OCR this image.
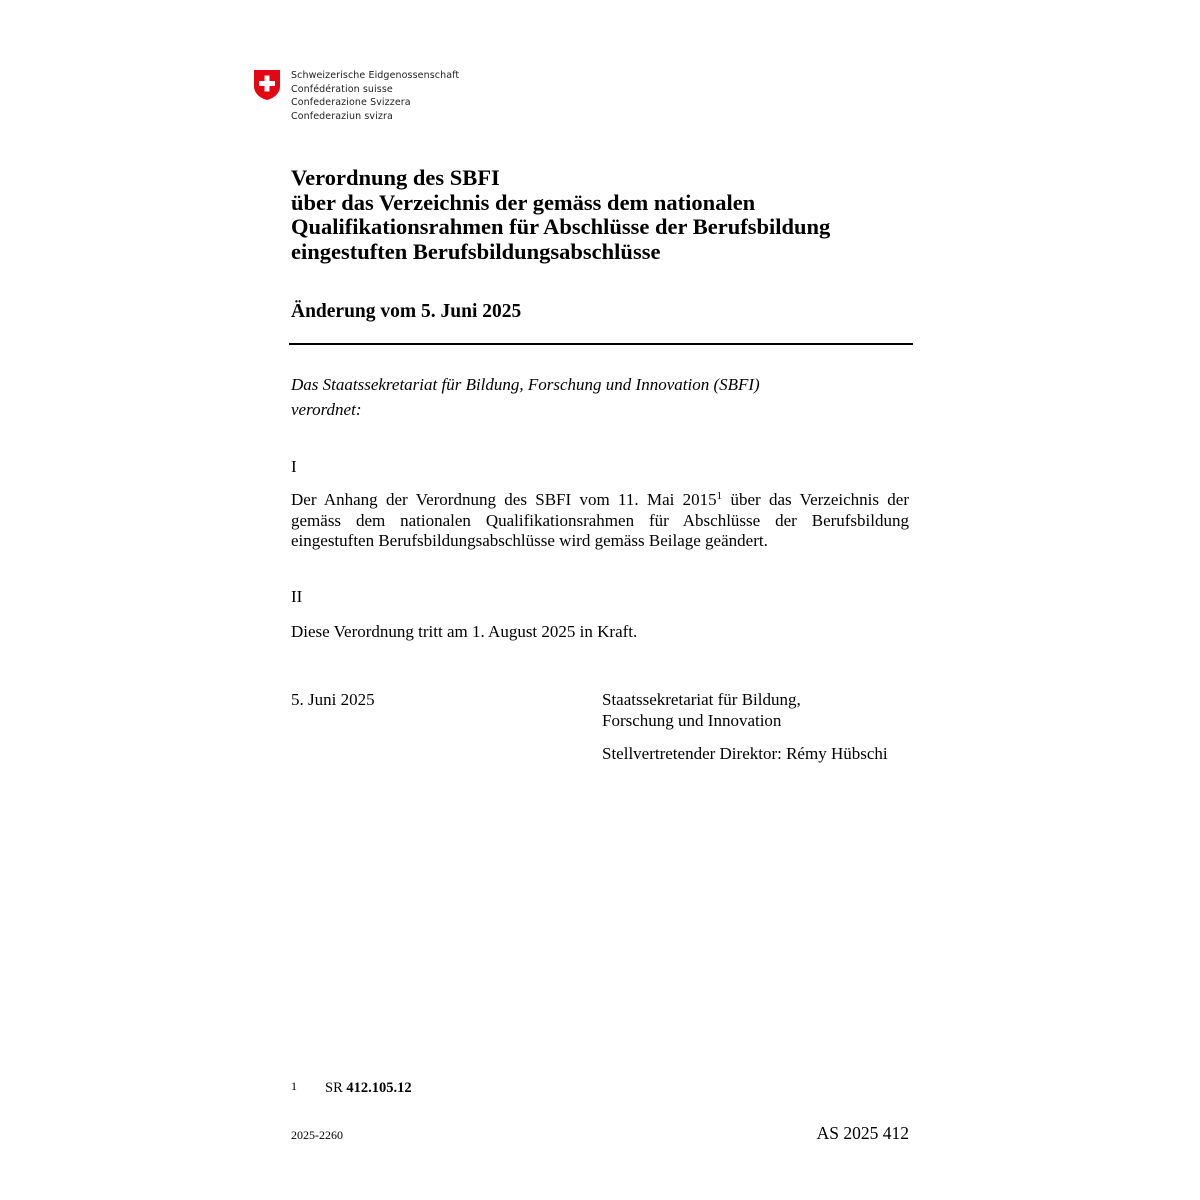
Schweizerische Eidgenossenschaft
Confédération suisse
Confederazione Svizzera
Confederaziun svizra
Verordnung des SBFI
über das Verzeichnis der gemäss dem nationalen
Qualifikationsrahmen für Abschlüsse der Berufsbildung
eingestuften Berufsbildungsabschlüsse
Änderung vom 5. Juni 2025
Das Staatssekretariat für Bildung, Forschung und Innovation (SBFI)
verordnet:
I
Der Anhang der Verordnung des SBFI vom 11. Mai 2015$^1$ über das Verzeichnis der gemäss dem nationalen Qualifikationsrahmen für Abschlüsse der Berufsbildung eingestuften Berufsbildungsabschlüsse wird gemäss Beilage geändert.
II
Diese Verordnung tritt am 1. August 2025 in Kraft.
5. Juni 2025	Staatssekretariat für Bildung,
Forschung und Innovation
Stellvertretender Direktor: Rémy Hübschi
1 SR 412.105.12
2025-2260	AS 2025 412
